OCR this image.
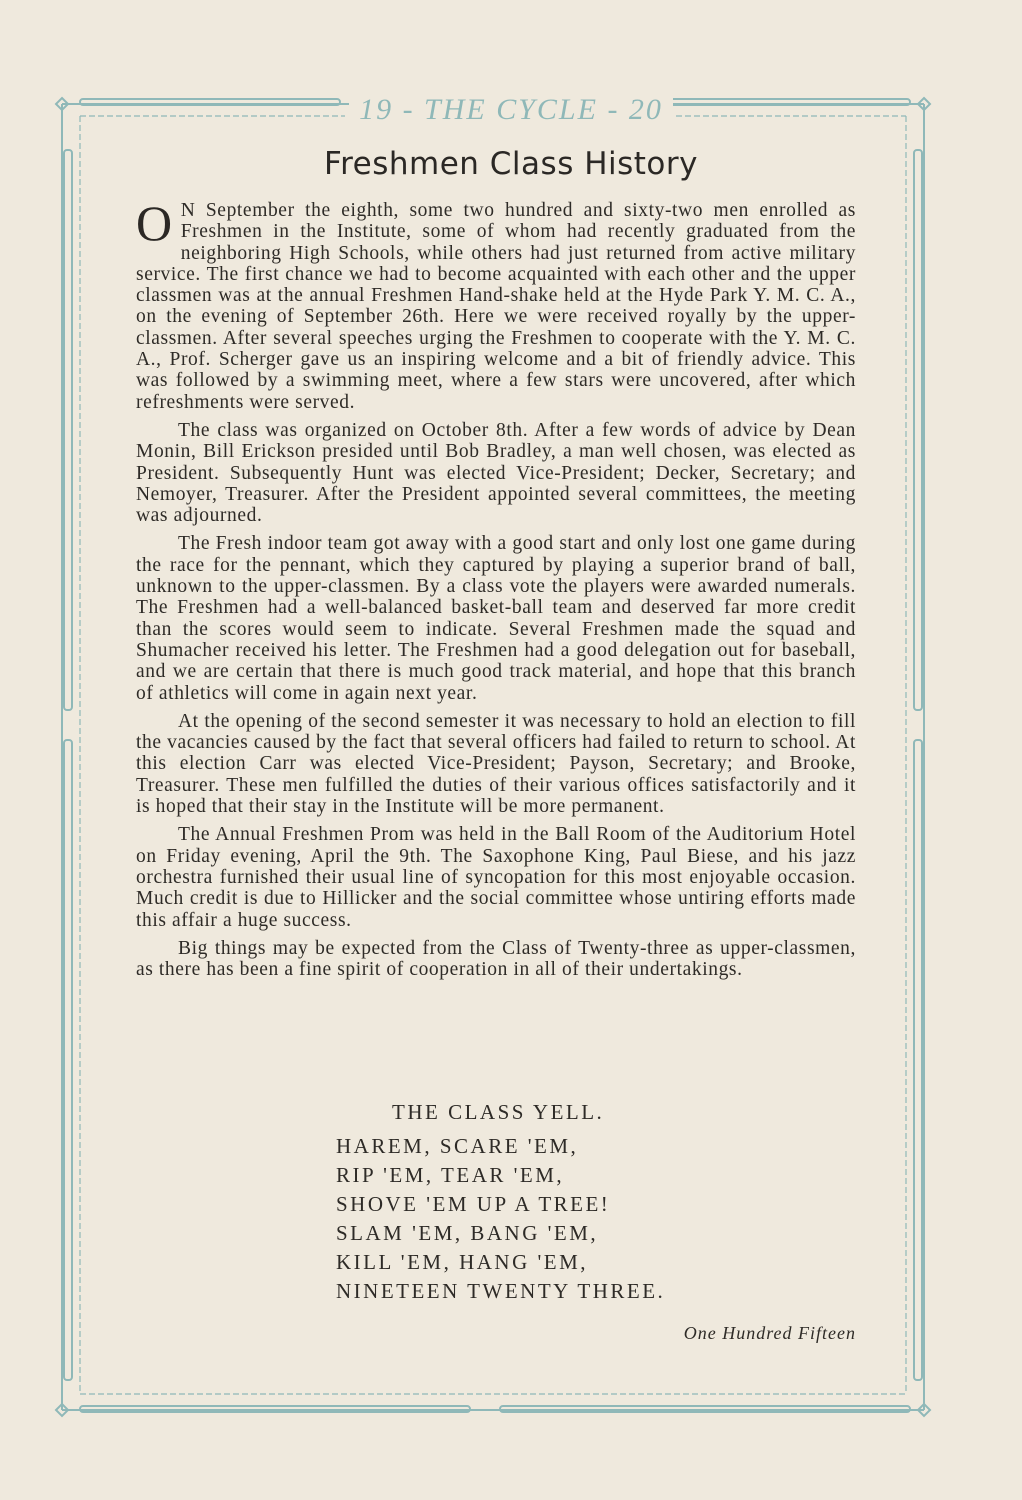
19 - THE CYCLE - 20
Freshmen Class History

O N September the eighth, some two hundred and sixty-two men enrolled as Freshmen in the Institute, some of whom had recently graduated from the neighboring High Schools, while others had just returned from active military service. The first chance we had to become acquainted with each other and the upper classmen was at the annual Freshmen Hand-shake held at the Hyde Park Y. M. C. A., on the evening of September 26th. Here we were received royally by the upper-classmen. After several speeches urging the Freshmen to cooperate with the Y. M. C. A., Prof. Scherger gave us an inspiring welcome and a bit of friendly advice. This was followed by a swimming meet, where a few stars were uncovered, after which refreshments were served.

The class was organized on October 8th. After a few words of advice by Dean Monin, Bill Erickson presided until Bob Bradley, a man well chosen, was elected as President. Subsequently Hunt was elected Vice-President; Decker, Secretary; and Nemoyer, Treasurer. After the President appointed several committees, the meeting was adjourned.

The Fresh indoor team got away with a good start and only lost one game during the race for the pennant, which they captured by playing a superior brand of ball, unknown to the upper-classmen. By a class vote the players were awarded numerals. The Freshmen had a well-balanced basket-ball team and deserved far more credit than the scores would seem to indicate. Several Freshmen made the squad and Shumacher received his letter. The Freshmen had a good delegation out for baseball, and we are certain that there is much good track material, and hope that this branch of athletics will come in again next year.

At the opening of the second semester it was necessary to hold an election to fill the vacancies caused by the fact that several officers had failed to return to school. At this election Carr was elected Vice-President; Payson, Secretary; and Brooke, Treasurer. These men fulfilled the duties of their various offices satisfactorily and it is hoped that their stay in the Institute will be more permanent.

The Annual Freshmen Prom was held in the Ball Room of the Auditorium Hotel on Friday evening, April the 9th. The Saxophone King, Paul Biese, and his jazz orchestra furnished their usual line of syncopation for this most enjoyable occasion. Much credit is due to Hillicker and the social committee whose untiring efforts made this affair a huge success.

Big things may be expected from the Class of Twenty-three as upper-classmen, as there has been a fine spirit of cooperation in all of their undertakings.

THE CLASS YELL.
HAREM, SCARE 'EM,
RIP 'EM, TEAR 'EM,
SHOVE 'EM UP A TREE!
SLAM 'EM, BANG 'EM,
KILL 'EM, HANG 'EM,
NINETEEN TWENTY THREE.
One Hundred Fifteen
